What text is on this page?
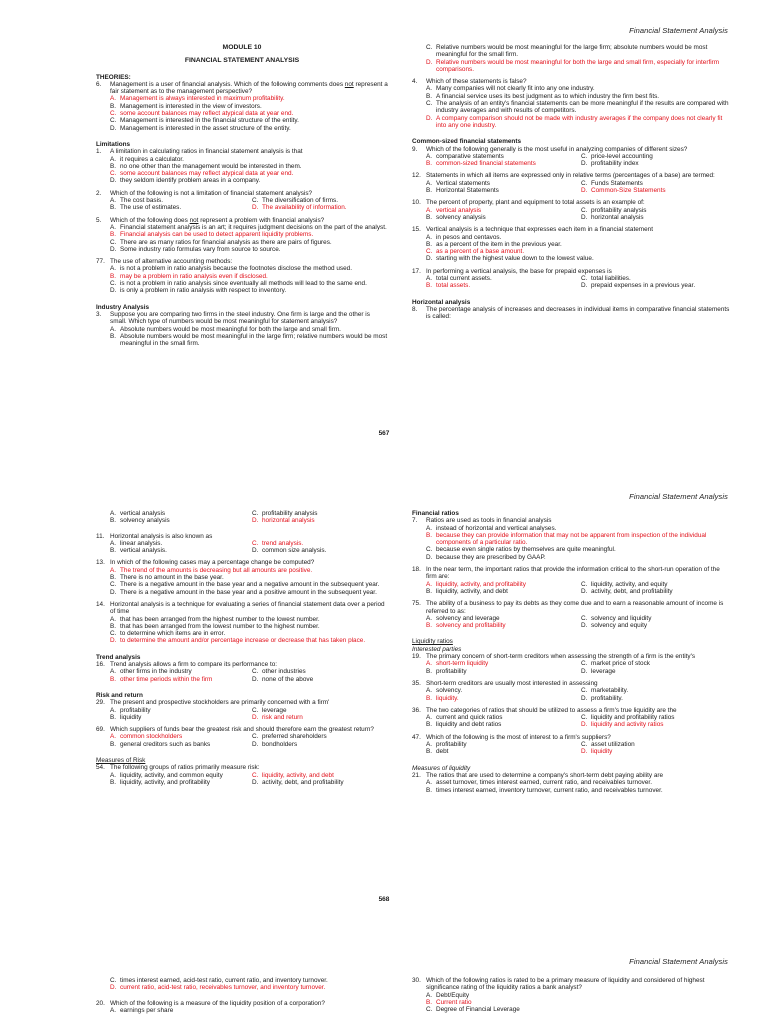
Financial Statement Analysis
MODULE 10
FINANCIAL STATEMENT ANALYSIS
THEORIES:
6. Management is a user of financial analysis. Which of the following comments does not represent a fair statement as to the management perspective?
A. Management is always interested in maximum profitability.
B. Management is interested in the view of investors.
C. some account balances may reflect atypical data at year end.
C. Management is interested in the financial structure of the entity.
D. Management is interested in the asset structure of the entity.
Limitations
1. A limitation in calculating ratios in financial statement analysis is that
A. it requires a calculator.
B. no one other than the management would be interested in them.
C. some account balances may reflect atypical data at year end.
D. they seldom identify problem areas in a company.
2. Which of the following is not a limitation of financial statement analysis?
A. The cost basis.	C. The diversification of firms.
B. The use of estimates.	D. The availability of information.
5. Which of the following does not represent a problem with financial analysis?
A. Financial statement analysis is an art; it requires judgment decisions on the part of the analyst.
B. Financial analysis can be used to detect apparent liquidity problems.
C. There are as many ratios for financial analysis as there are pairs of figures.
D. Some industry ratio formulas vary from source to source.
77. The use of alternative accounting methods:
A. is not a problem in ratio analysis because the footnotes disclose the method used.
B. may be a problem in ratio analysis even if disclosed.
C. is not a problem in ratio analysis since eventually all methods will lead to the same end.
D. is only a problem in ratio analysis with respect to inventory.
Industry Analysis
3. Suppose you are comparing two firms in the steel industry. One firm is large and the other is small. Which type of numbers would be most meaningful for statement analysis?
A. Absolute numbers would be most meaningful for both the large and small firm.
B. Absolute numbers would be most meaningful in the large firm; relative numbers would be most meaningful in the small firm.
C. Relative numbers would be most meaningful for the large firm; absolute numbers would be most meaningful for the small firm.
D. Relative numbers would be most meaningful for both the large and small firm, especially for interfirm comparisons.
4. Which of these statements is false?
A. Many companies will not clearly fit into any one industry.
B. A financial service uses its best judgment as to which industry the firm best fits.
C. The analysis of an entity's financial statements can be more meaningful if the results are compared with industry averages and with results of competitors.
D. A company comparison should not be made with industry averages if the company does not clearly fit into any one industry.
Common-sized financial statements
9. Which of the following generally is the most useful in analyzing companies of different sizes?
A. comparative statements	C. price-level accounting
B. common-sized financial statements	D. profitability index
12. Statements in which all items are expressed only in relative terms (percentages of a base) are termed:
A. Vertical statements	C. Funds Statements
B. Horizontal Statements	D. Common-Size Statements
10. The percent of property, plant and equipment to total assets is an example of:
A. vertical analysis	C. profitability analysis
B. solvency analysis	D. horizontal analysis
15. Vertical analysis is a technique that expresses each item in a financial statement
A. in pesos and centavos.
B. as a percent of the item in the previous year.
C. as a percent of a base amount.
D. starting with the highest value down to the lowest value.
17. In performing a vertical analysis, the base for prepaid expenses is
A. total current assets.	C. total liabilities.
B. total assets.	D. prepaid expenses in a previous year.
Horizontal analysis
8. The percentage analysis of increases and decreases in individual items in comparative financial statements is called:
567
Financial Statement Analysis
A. vertical analysis	C. profitability analysis
B. solvency analysis	D. horizontal analysis
11. Horizontal analysis is also known as
A. linear analysis.	C. trend analysis.
B. vertical analysis.	D. common size analysis.
13. In which of the following cases may a percentage change be computed?
A. The trend of the amounts is decreasing but all amounts are positive.
B. There is no amount in the base year.
C. There is a negative amount in the base year and a negative amount in the subsequent year.
D. There is a negative amount in the base year and a positive amount in the subsequent year.
14. Horizontal analysis is a technique for evaluating a series of financial statement data over a period of time
A. that has been arranged from the highest number to the lowest number.
B. that has been arranged from the lowest number to the highest number.
C. to determine which items are in error.
D. to determine the amount and/or percentage increase or decrease that has taken place.
Trend analysis
16. Trend analysis allows a firm to compare its performance to:
A. other firms in the industry	C. other industries
B. other time periods within the firm	D. none of the above
Risk and return
29. The present and prospective stockholders are primarily concerned with a firm'
A. profitability	C. leverage
B. liquidity	D. risk and return
69. Which suppliers of funds bear the greatest risk and should therefore earn the greatest return?
A. common stockholders	C. preferred shareholders
B. general creditors such as banks	D. bondholders
Measures of Risk
54. The following groups of ratios primarily measure risk:
A. liquidity, activity, and common equity	C. liquidity, activity, and debt
B. liquidity, activity, and profitability	D. activity, debt, and profitability
Financial ratios
7. Ratios are used as tools in financial analysis
A. instead of horizontal and vertical analyses.
B. because they can provide information that may not be apparent from inspection of the individual components of a particular ratio.
C. because even single ratios by themselves are quite meaningful.
D. because they are prescribed by GAAP.
18. In the near term, the important ratios that provide the information critical to the short-run operation of the firm are:
A. liquidity, activity, and profitability	C. liquidity, activity, and equity
B. liquidity, activity, and debt	D. activity, debt, and profitability
75. The ability of a business to pay its debts as they come due and to earn a reasonable amount of income is referred to as:
A. solvency and leverage	C. solvency and liquidity
B. solvency and profitability	D. solvency and equity
Liquidity ratios
Interested parties
19. The primary concern of short-term creditors when assessing the strength of a firm is the entity's
A. short-term liquidity	C. market price of stock
B. profitability	D. leverage
35. Short-term creditors are usually most interested in assessing
A. solvency.	C. marketability.
B. liquidity.	D. profitability.
36. The two categories of ratios that should be utilized to assess a firm's true liquidity are the
A. current and quick ratios	C. liquidity and profitability ratios
B. liquidity and debt ratios	D. liquidity and activity ratios
47. Which of the following is the most of interest to a firm's suppliers?
A. profitability	C. asset utilization
B. debt	D. liquidity
Measures of liquidity
21. The ratios that are used to determine a company's short-term debt paying ability are
A. asset turnover, times interest earned, current ratio, and receivables turnover.
B. times interest earned, inventory turnover, current ratio, and receivables turnover.
568
Financial Statement Analysis
C. times interest earned, acid-test ratio, current ratio, and inventory turnover.
D. current ratio, acid-test ratio, receivables turnover, and inventory turnover.
20. Which of the following is a measure of the liquidity position of a corporation?
A. earnings per share
30. Which of the following ratios is rated to be a primary measure of liquidity and considered of highest significance rating of the liquidity ratios a bank analyst?
A. Debt/Equity
B. Current ratio
C. Degree of Financial Leverage
